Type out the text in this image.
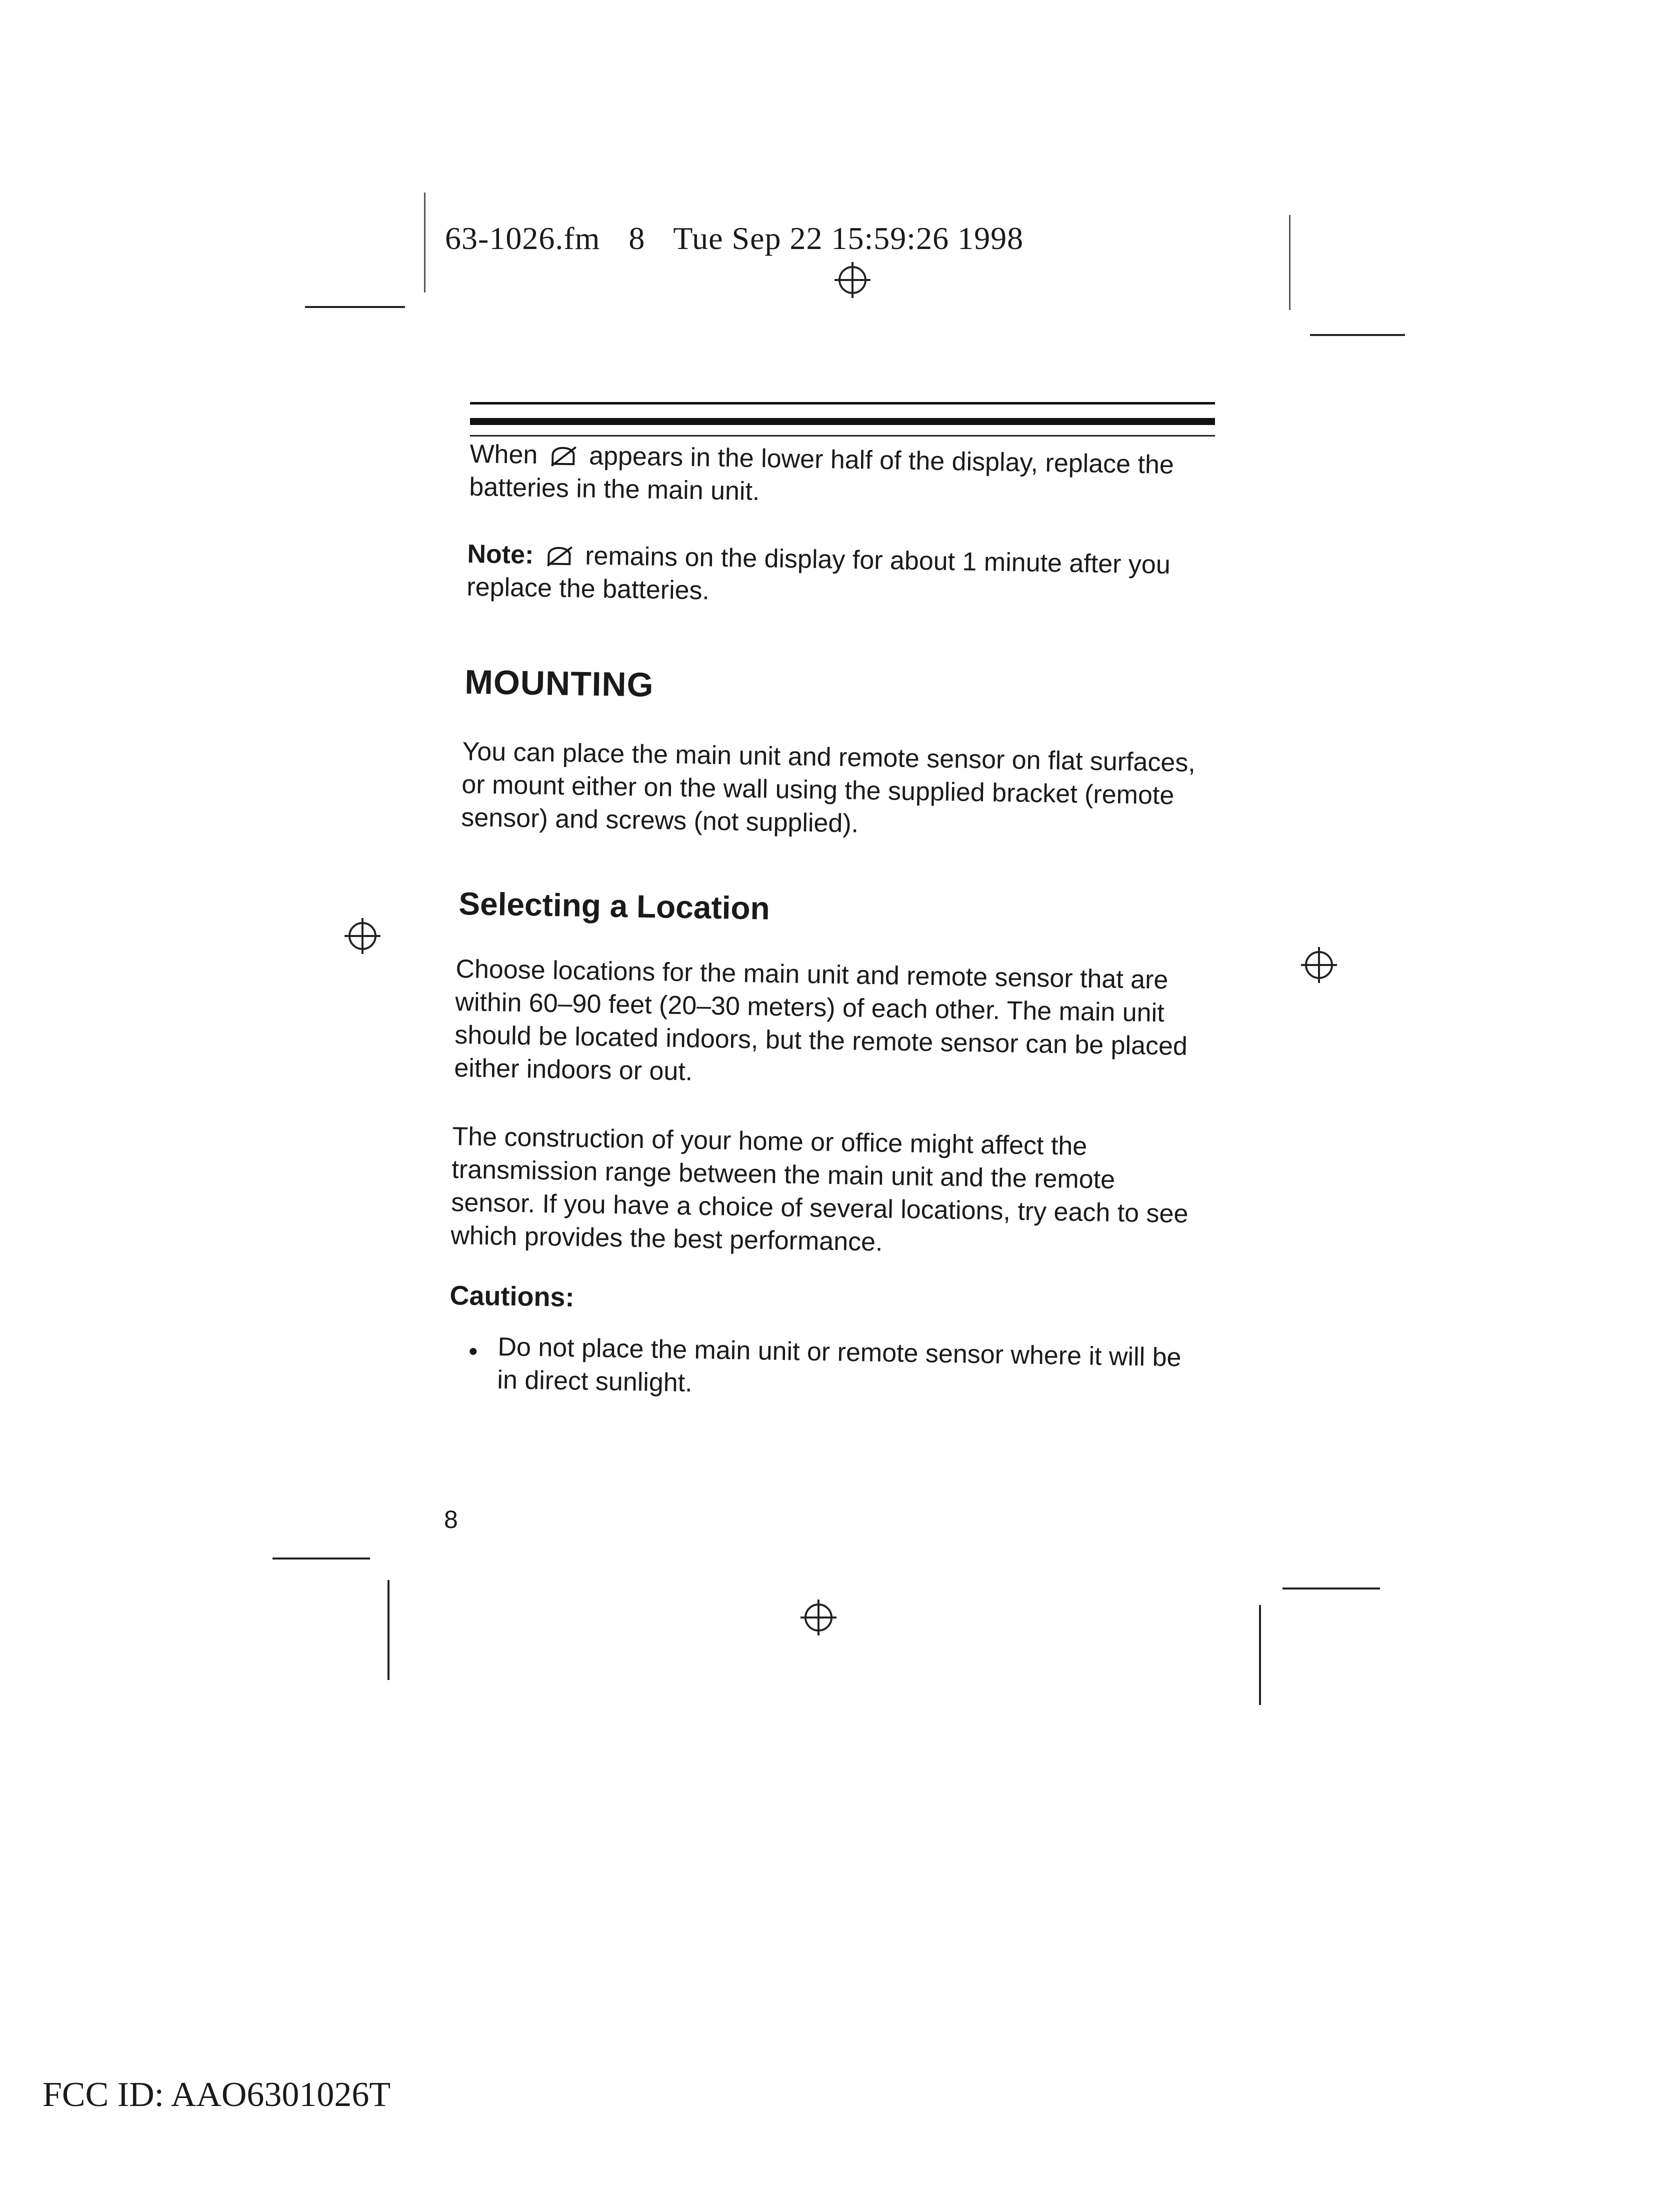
63-1026.fm 8 Tue Sep 22 15:59:26 1998

When appears in the lower half of the display, replace the batteries in the main unit.

Note: remains on the display for about 1 minute after you replace the batteries.

MOUNTING

You can place the main unit and remote sensor on flat surfaces, or mount either on the wall using the supplied bracket (remote sensor) and screws (not supplied).

Selecting a Location

Choose locations for the main unit and remote sensor that are within 60–90 feet (20–30 meters) of each other. The main unit should be located indoors, but the remote sensor can be placed either indoors or out.

The construction of your home or office might affect the transmission range between the main unit and the remote sensor. If you have a choice of several locations, try each to see which provides the best performance.

Cautions:
• Do not place the main unit or remote sensor where it will be in direct sunlight.

8
FCC ID: AAO6301026T
